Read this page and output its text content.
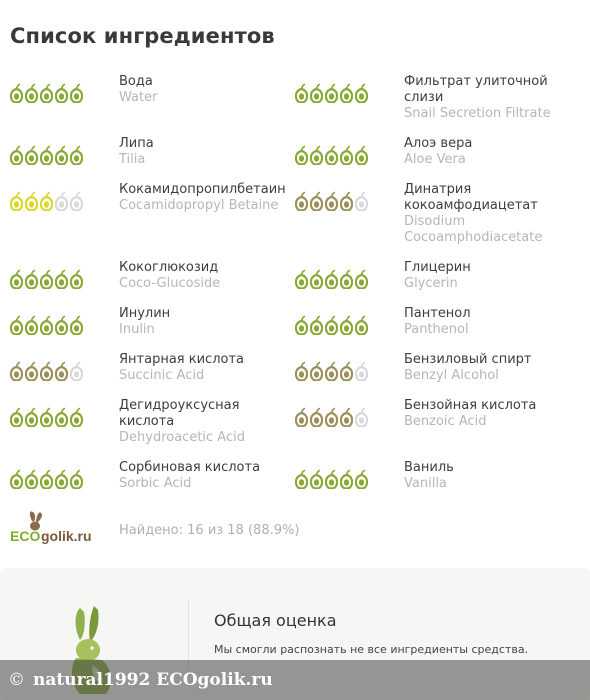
Список ингредиентов
Вода
Water
Фильтрат улиточной слизи
Snail Secretion Filtrate
Липа
Tilia
Алоэ вера
Aloe Vera
Кокамидопропилбетаин
Cocamidopropyl Betaine
Динатрия кокоамфодиацетат
Disodium Cocoamphodiacetate
Кокоглюкозид
Coco-Glucoside
Глицерин
Glycerin
Инулин
Inulin
Пантенол
Panthenol
Янтарная кислота
Succinic Acid
Бензиловый спирт
Benzyl Alcohol
Дегидроуксусная кислота
Dehydroacetic Acid
Бензойная кислота
Benzoic Acid
Сорбиновая кислота
Sorbic Acid
Ваниль
Vanilla
ECO golik.ru Найдено: 16 из 18 (88.9%)
Общая оценка
Мы смогли распознать не все ингредиенты средства.
© natural1992 ECOgolik.ru
